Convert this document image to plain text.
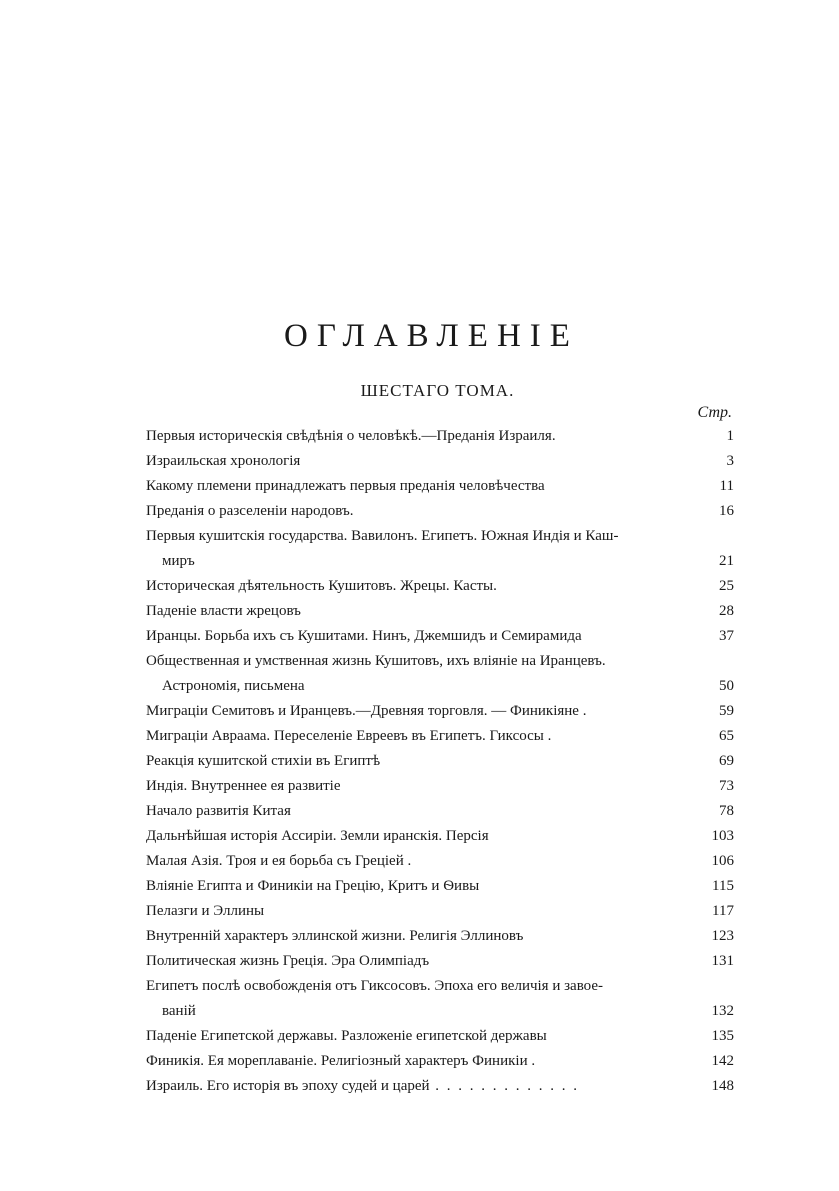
ОГЛАВЛЕНІЕ
ШЕСТАГО ТОМА.
Стр.
Первыя историческія свѣдѣнія о человѣкѣ.—Преданія Израиля.	1
Израильская хронологія	3
Какому племени принадлежатъ первыя преданія человѣчества	11
Преданія о разселеніи народовъ.	16
Первыя кушитскія государства. Вавилонъ. Египетъ. Южная Индія и Каш-
миръ	21
Историческая дѣятельность Кушитовъ. Жрецы. Касты.	25
Паденіе власти жрецовъ	28
Иранцы. Борьба ихъ съ Кушитами. Нинъ, Джемшидъ и Семирамида	37
Общественная и умственная жизнь Кушитовъ, ихъ вліяніе на Иранцевъ.
Астрономія, письмена	50
Миграціи Семитовъ и Иранцевъ.—Древняя торговля. — Финикіяне .	59
Миграціи Авраама. Переселеніе Евреевъ въ Египетъ. Гиксосы .	65
Реакція кушитской стихіи въ Египтѣ	69
Индія. Внутреннее ея развитіе	73
Начало развитія Китая	78
Дальнѣйшая исторія Ассиріи. Земли иранскія. Персія	103
Малая Азія. Троя и ея борьба съ Греціей .	106
Вліяніе Египта и Финикіи на Грецію, Критъ и Ѳивы	115
Пелазги и Эллины	117
Внутренній характеръ эллинской жизни. Религія Эллиновъ	123
Политическая жизнь Греція. Эра Олимпіадъ	131
Египетъ послѣ освобожденія отъ Гиксосовъ. Эпоха его величія и завое-
ваній	132
Паденіе Египетской державы. Разложеніе египетской державы	135
Финикія. Ея мореплаваніе. Религіозный характеръ Финикіи .	142
Израиль. Его исторія въ эпоху судей и царей . . .	148
